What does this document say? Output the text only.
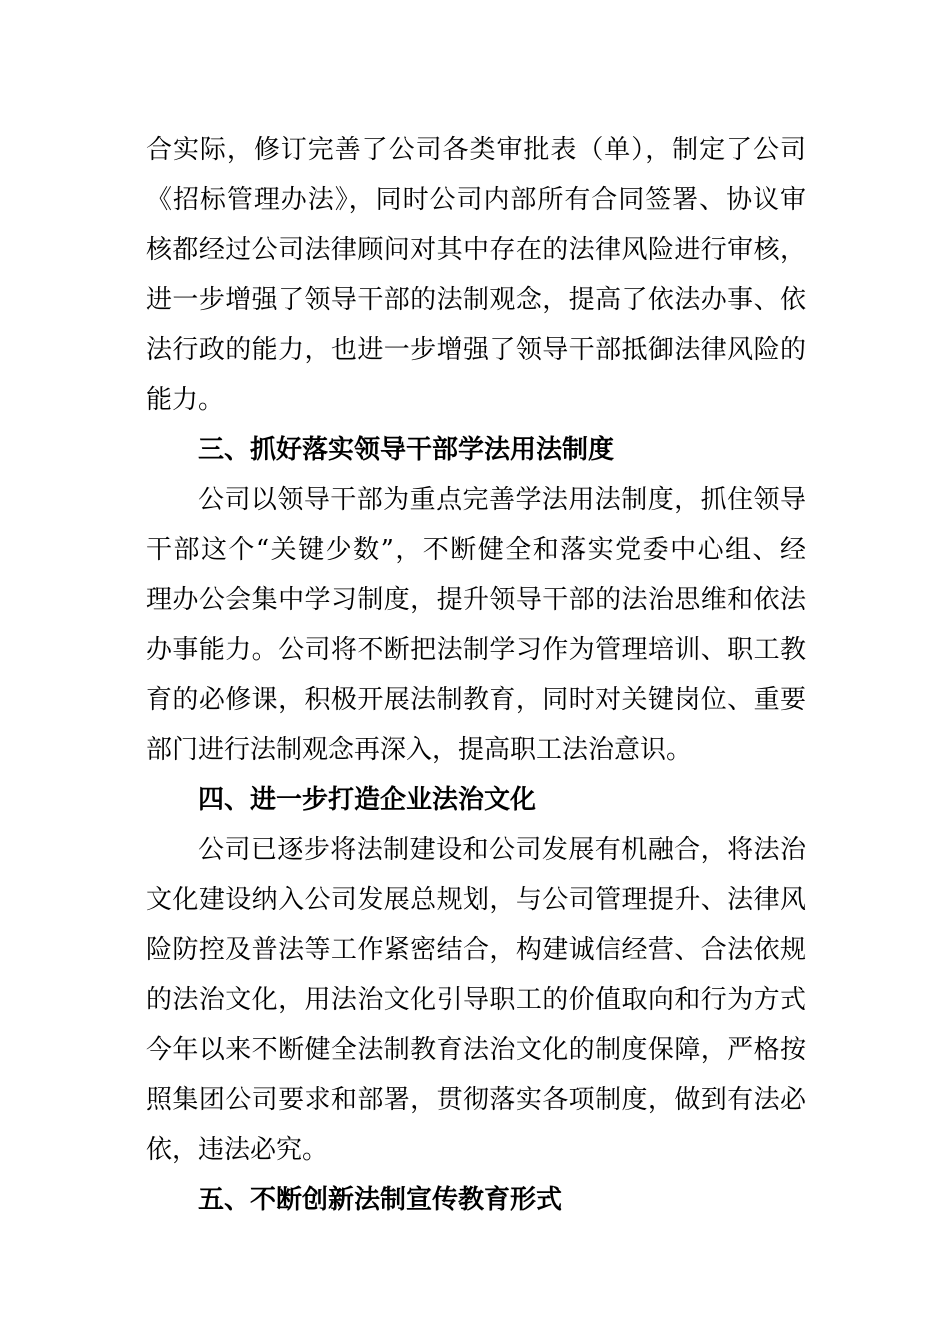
合实际，修订完善了公司各类审批表（单），制定了公司
《招标管理办法》，同时公司内部所有合同签署、协议审
核都经过公司法律顾问对其中存在的法律风险进行审核，
进一步增强了领导干部的法制观念，提高了依法办事、依
法行政的能力，也进一步增强了领导干部抵御法律风险的
能力。
三、抓好落实领导干部学法用法制度
公司以领导干部为重点完善学法用法制度，抓住领导
干部这个“关键少数”，不断健全和落实党委中心组、经
理办公会集中学习制度，提升领导干部的法治思维和依法
办事能力。公司将不断把法制学习作为管理培训、职工教
育的必修课，积极开展法制教育，同时对关键岗位、重要
部门进行法制观念再深入，提高职工法治意识。
四、进一步打造企业法治文化
公司已逐步将法制建设和公司发展有机融合，将法治
文化建设纳入公司发展总规划，与公司管理提升、法律风
险防控及普法等工作紧密结合，构建诚信经营、合法依规
的法治文化，用法治文化引导职工的价值取向和行为方式
今年以来不断健全法制教育法治文化的制度保障，严格按
照集团公司要求和部署，贯彻落实各项制度，做到有法必
依，违法必究。
五、不断创新法制宣传教育形式
